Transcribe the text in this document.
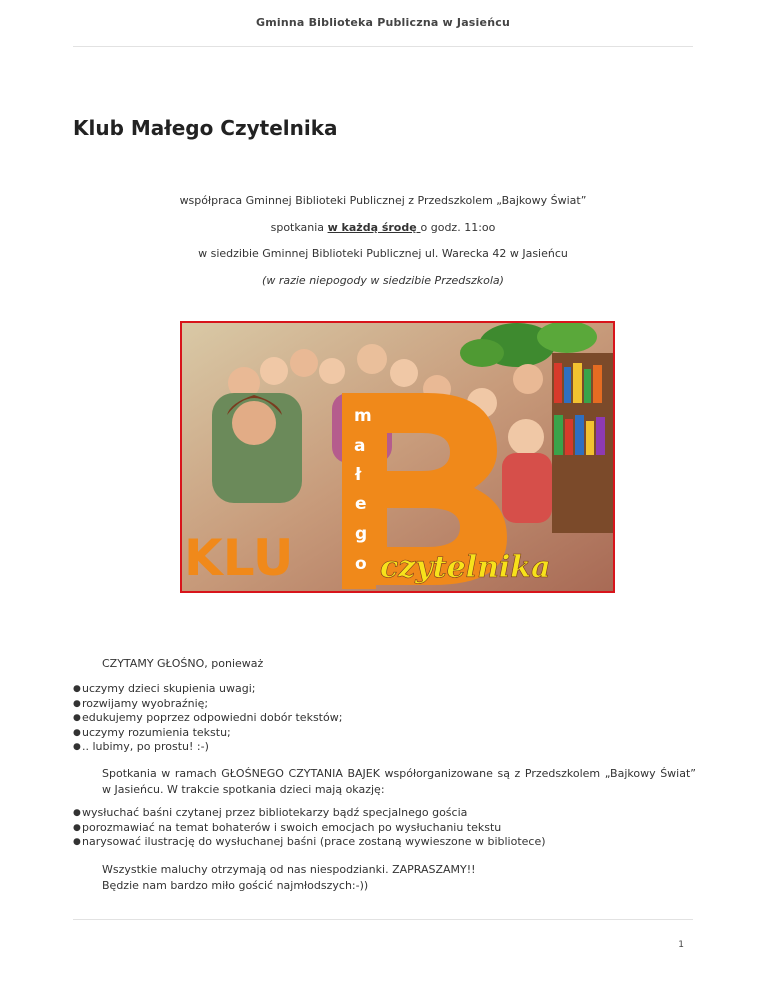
Gminna Biblioteka Publiczna w Jasieńcu
Klub Małego Czytelnika
współpraca Gminnej Biblioteki Publicznej z Przedszkolem „Bajkowy Świat”
spotkania w każdą środę o godz. 11:oo
w siedzibie Gminnej Biblioteki Publicznej ul. Warecka 42 w Jasieńcu
(w razie niepogody w siedzibie Przedszkola)
KLU
m
a
ł
e
g
o czytelnika
CZYTAMY GŁOŚNO, ponieważ
●uczymy dzieci skupienia uwagi;
●rozwijamy wyobraźnię;
●edukujemy poprzez odpowiedni dobór tekstów;
●uczymy rozumienia tekstu;
●.. lubimy, po prostu! :-)
Spotkania w ramach GŁOŚNEGO CZYTANIA BAJEK współorganizowane są z Przedszkolem „Bajkowy Świat” w Jasieńcu. W trakcie spotkania dzieci mają okazję:
●wysłuchać baśni czytanej przez bibliotekarzy bądź specjalnego gościa
●porozmawiać na temat bohaterów i swoich emocjach po wysłuchaniu tekstu
●narysować ilustrację do wysłuchanej baśni (prace zostaną wywieszone w bibliotece)
Wszystkie maluchy otrzymają od nas niespodzianki. ZAPRASZAMY!!
Będzie nam bardzo miło gościć najmłodszych:-))
1
